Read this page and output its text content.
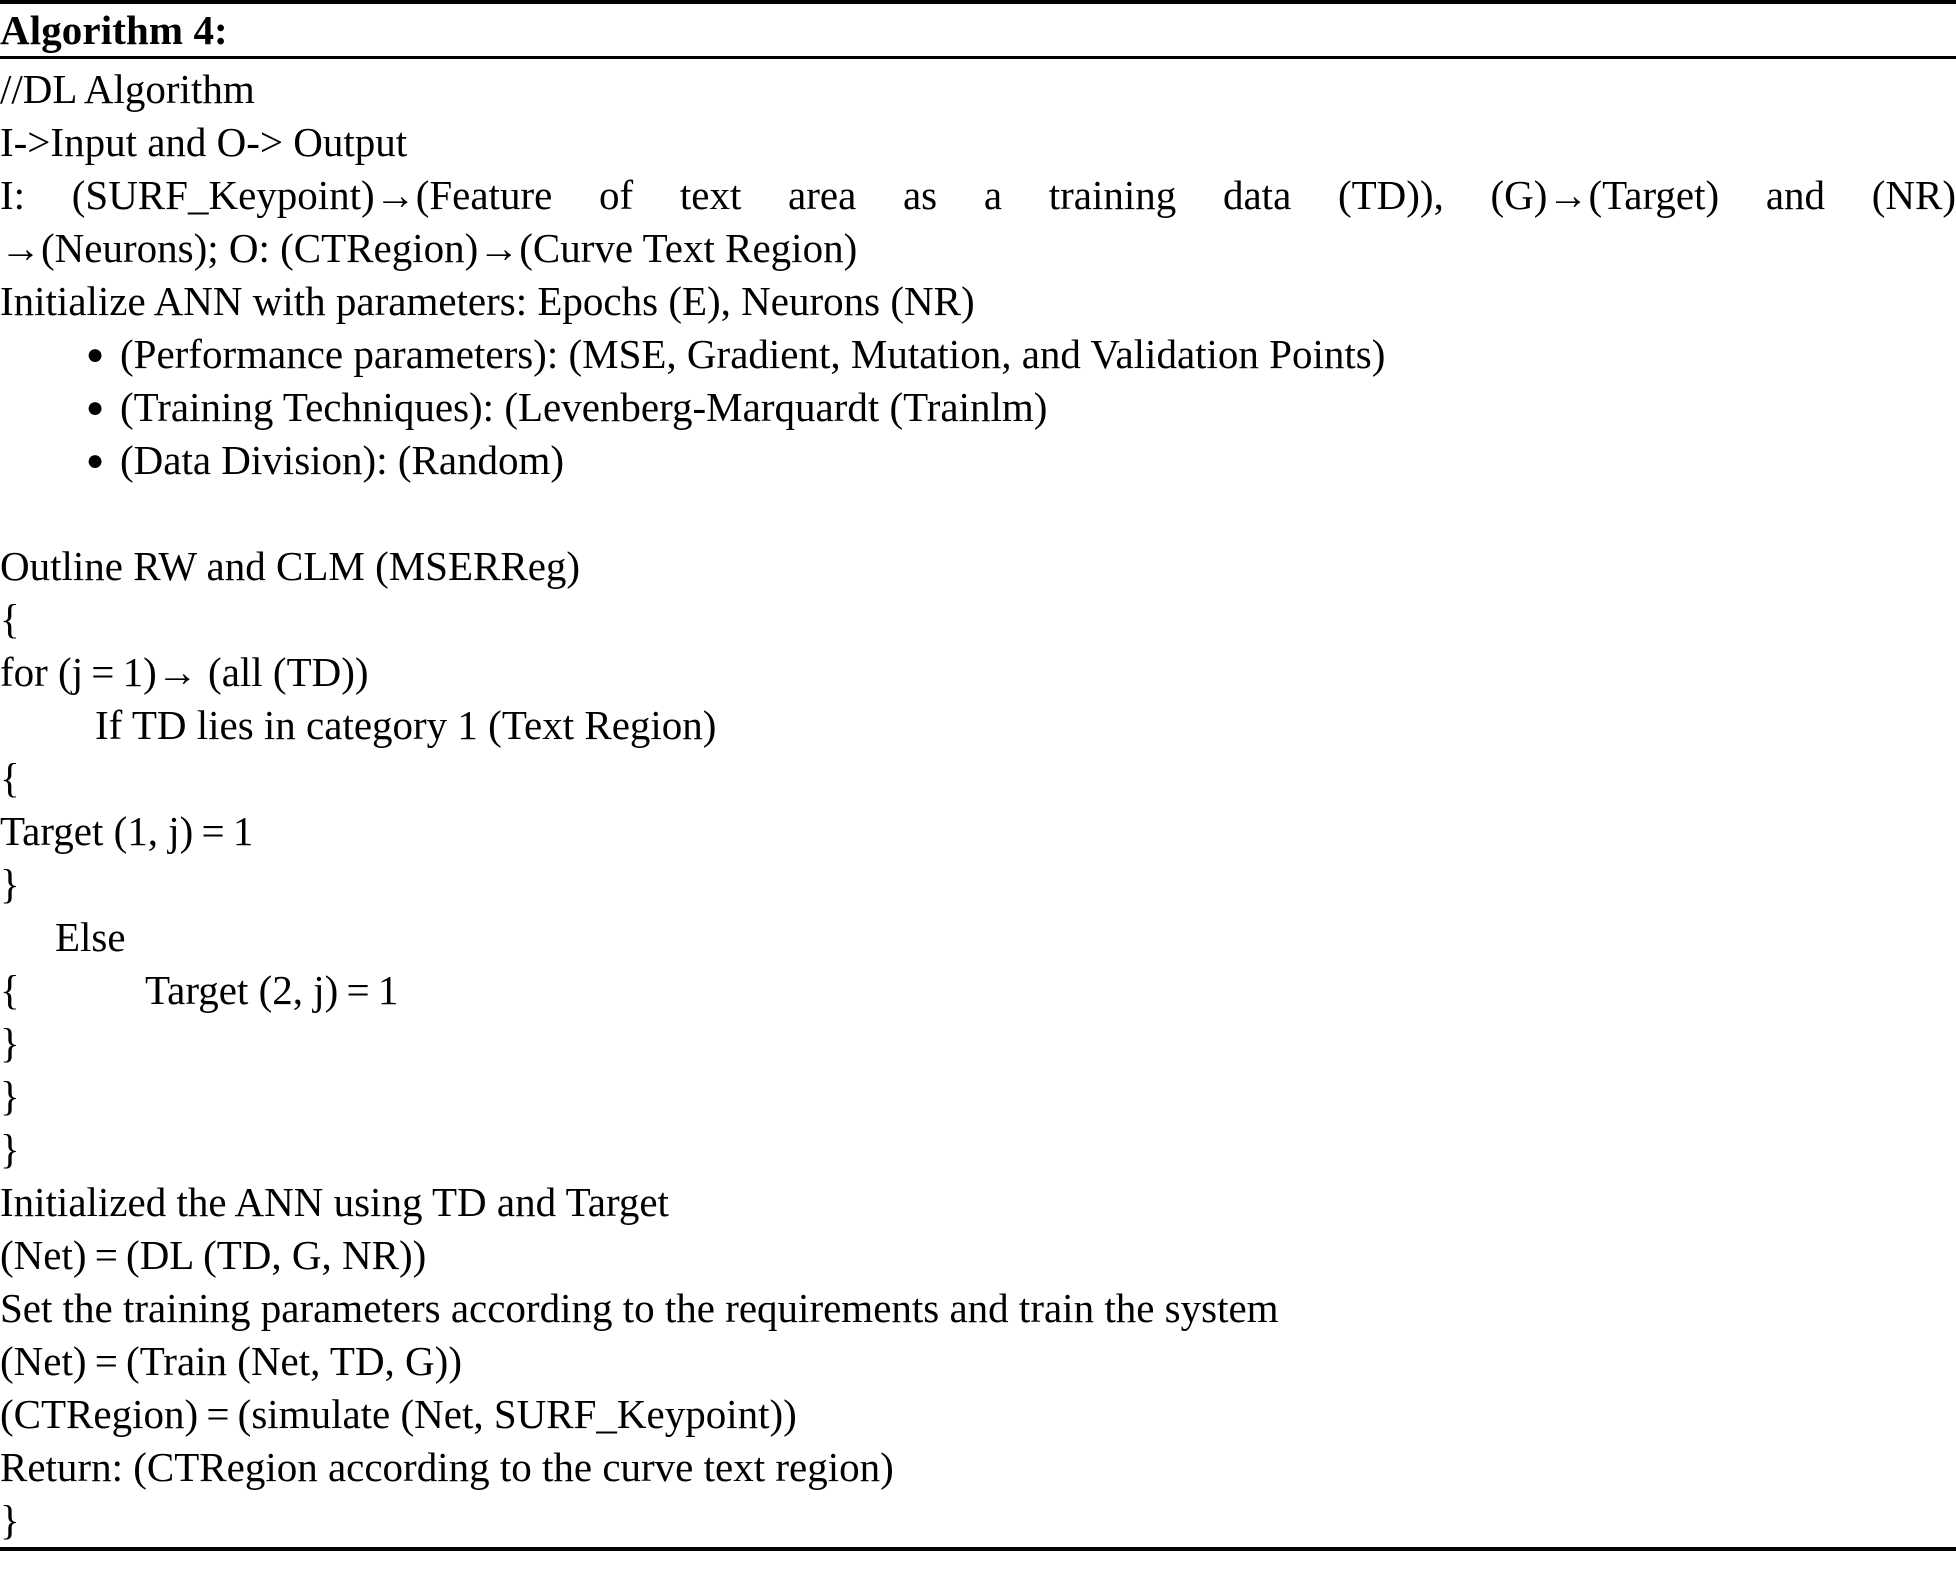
Algorithm 4:
//DL Algorithm
I->Input and O-> Output
I: (SURF_Keypoint)→(Feature of text area as a training data (TD)), (G)→(Target) and (NR)
→(Neurons); O: (CTRegion)→(Curve Text Region)
Initialize ANN with parameters: Epochs (E), Neurons (NR)
● (Performance parameters): (MSE, Gradient, Mutation, and Validation Points)
● (Training Techniques): (Levenberg-Marquardt (Trainlm)
● (Data Division): (Random)
Outline RW and CLM (MSERReg)
{
for (j = 1)→ (all (TD))
If TD lies in category 1 (Text Region)
{
Target (1, j) = 1
}
Else
{	Target (2, j) = 1
}
}
}
Initialized the ANN using TD and Target
(Net) = (DL (TD, G, NR))
Set the training parameters according to the requirements and train the system
(Net) = (Train (Net, TD, G))
(CTRegion) = (simulate (Net, SURF_Keypoint))
Return: (CTRegion according to the curve text region)
}
